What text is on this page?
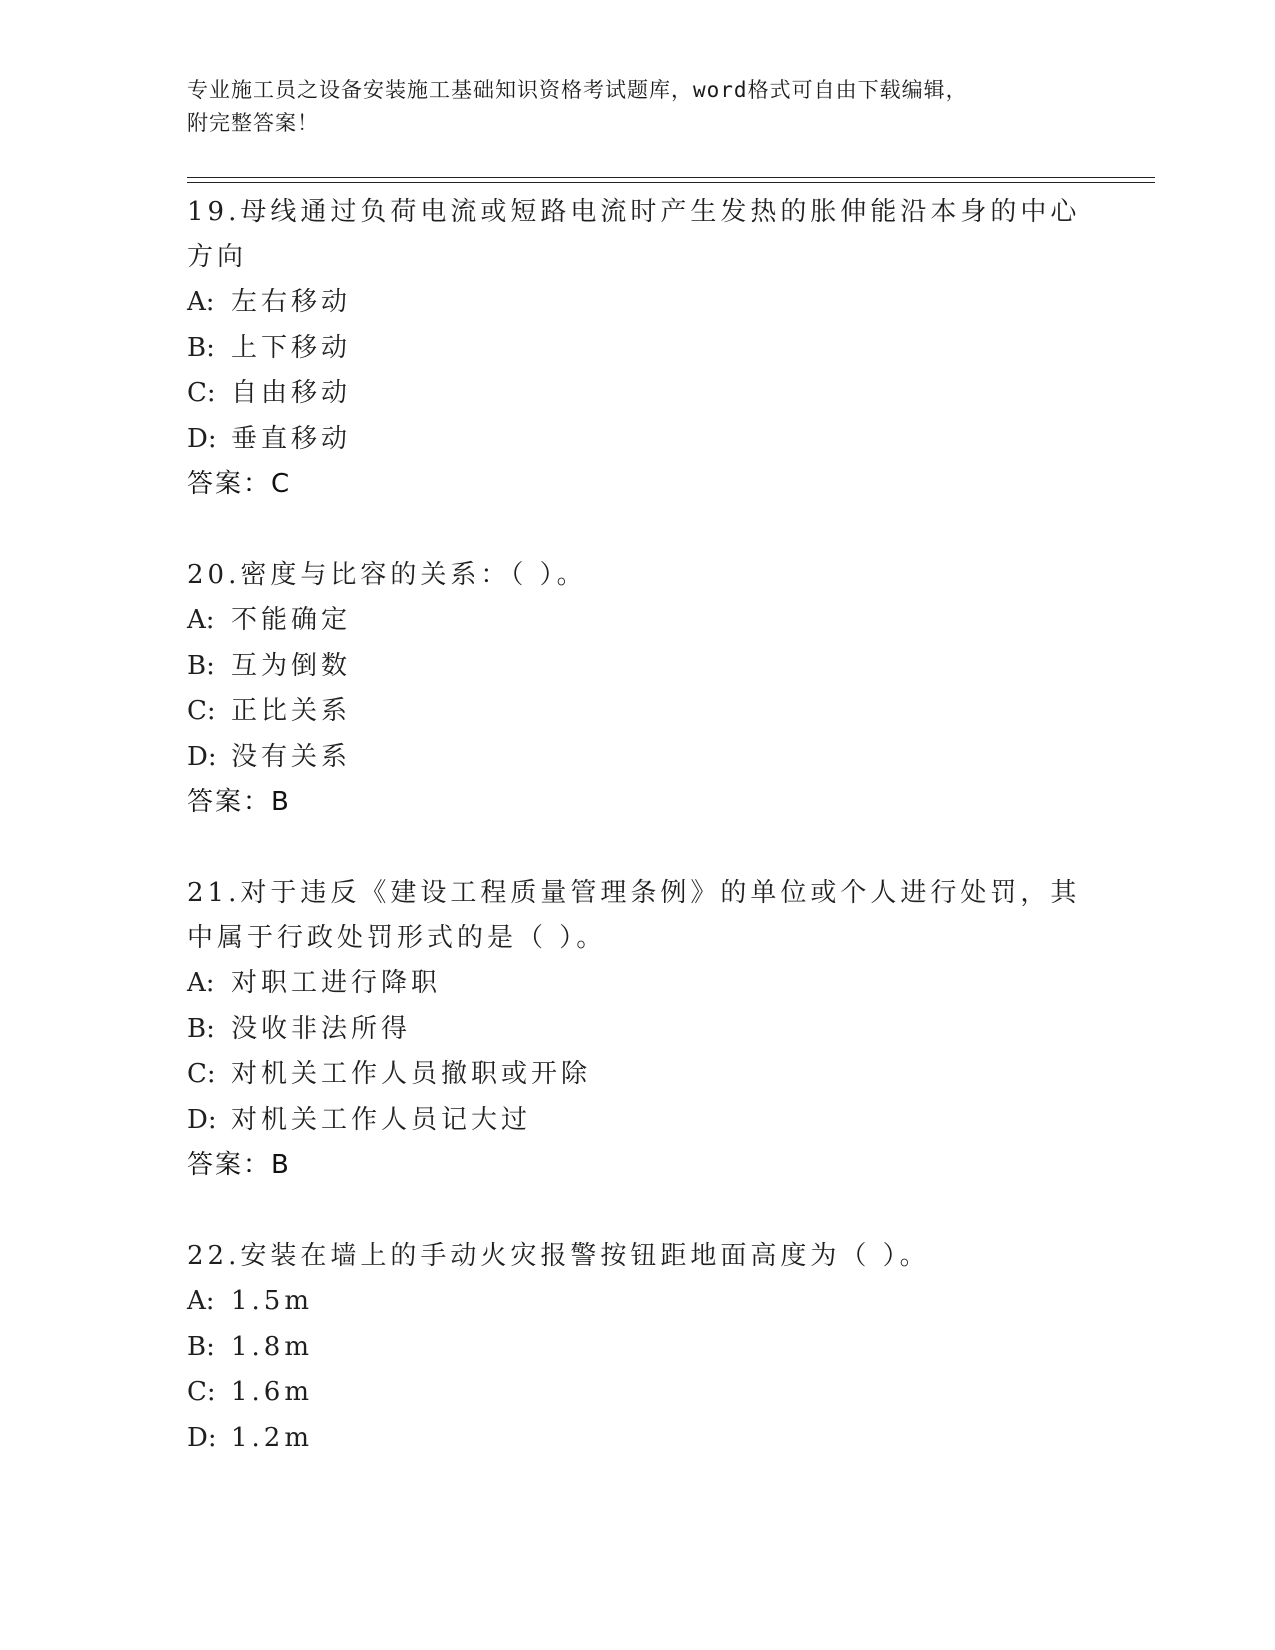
专业施工员之设备安装施工基础知识资格考试题库，word格式可自由下载编辑，
附完整答案！

19.母线通过负荷电流或短路电流时产生发热的胀伸能沿本身的中心方向

A: 左右移动
B: 上下移动
C: 自由移动
D: 垂直移动
答案：C

20.密度与比容的关系：（ ）。

A: 不能确定
B: 互为倒数
C: 正比关系
D: 没有关系
答案：B

21.对于违反《建设工程质量管理条例》的单位或个人进行处罚，其中属于行政处罚形式的是（ ）。

A: 对职工进行降职
B: 没收非法所得
C: 对机关工作人员撤职或开除
D: 对机关工作人员记大过
答案：B

22.安装在墙上的手动火灾报警按钮距地面高度为（ ）。

A: 1.5m
B: 1.8m
C: 1.6m
D: 1.2m
